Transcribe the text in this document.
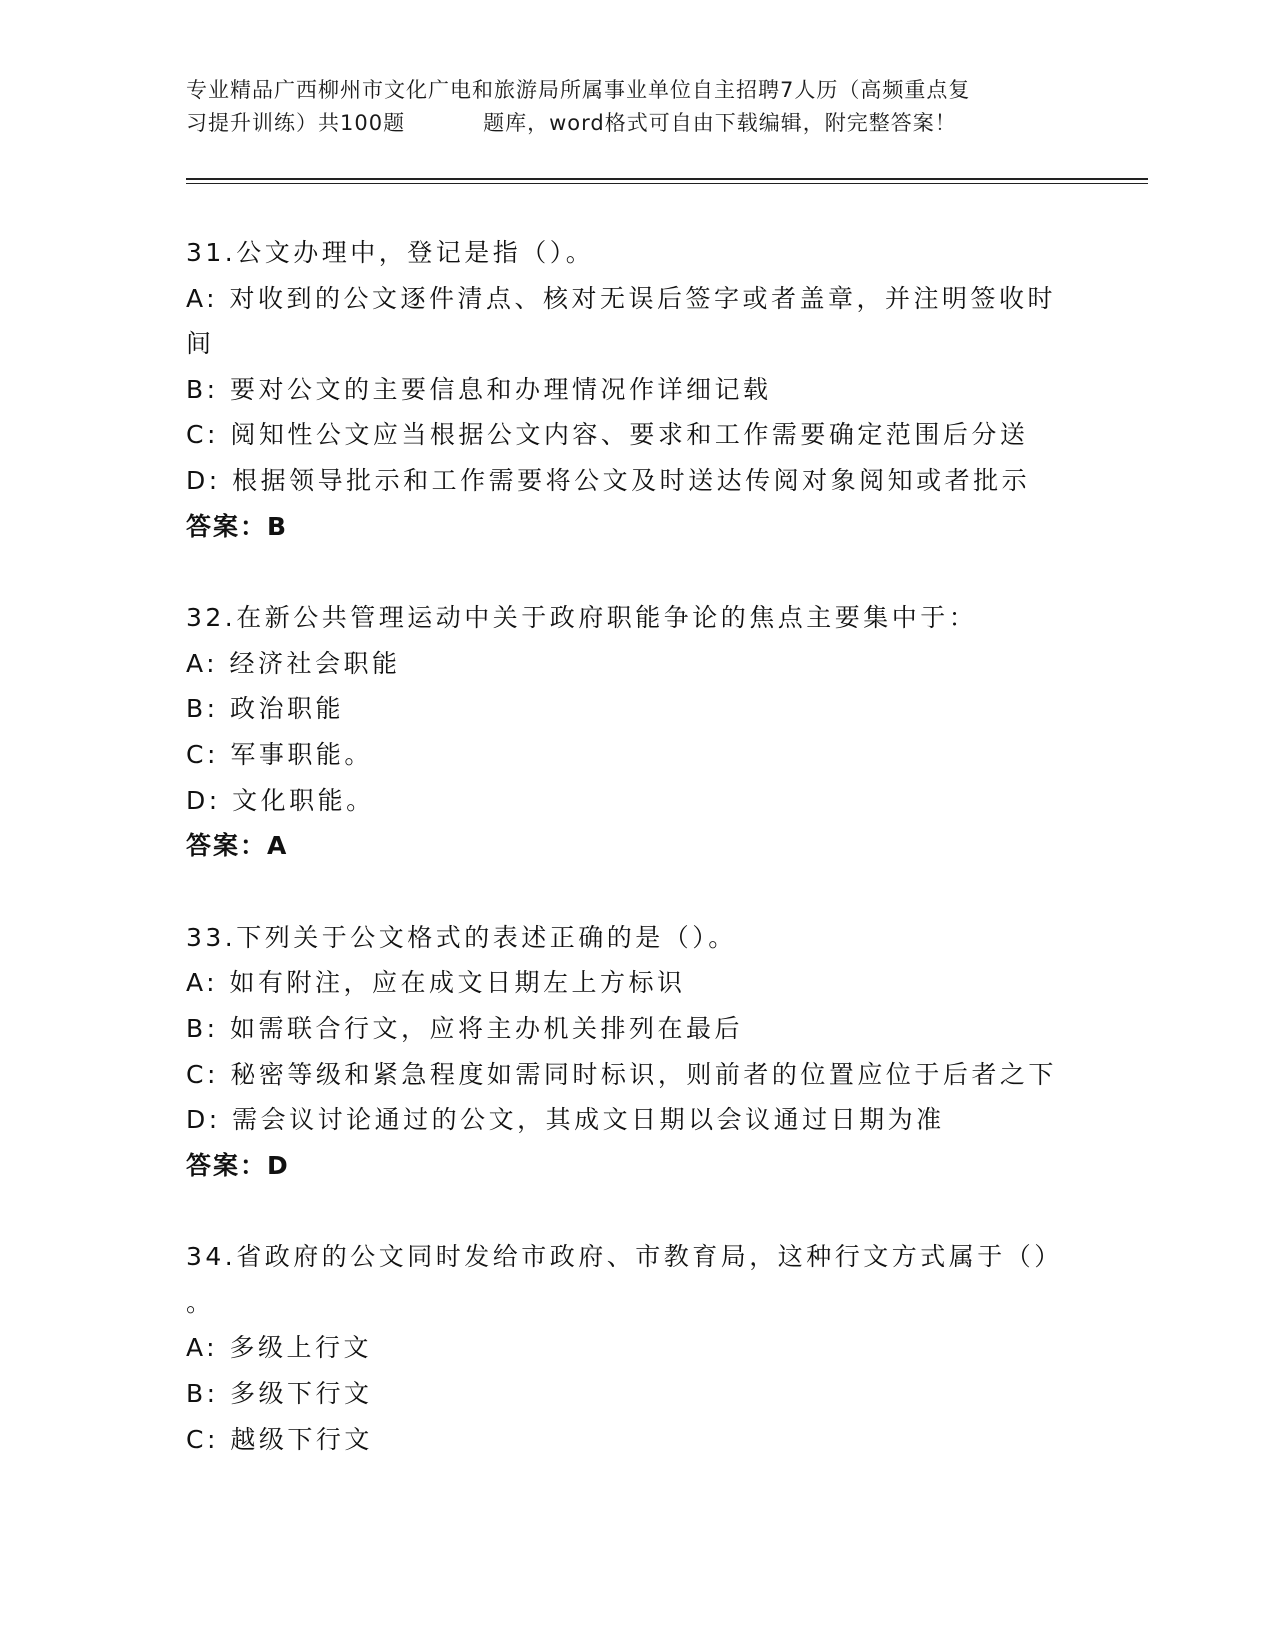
专业精品广西柳州市文化广电和旅游局所属事业单位自主招聘7人历（高频重点复
习提升训练）共100题	题库，word格式可自由下载编辑，附完整答案！
31.公文办理中，登记是指（）。
A: 对收到的公文逐件清点、核对无误后签字或者盖章，并注明签收时
间
B: 要对公文的主要信息和办理情况作详细记载
C: 阅知性公文应当根据公文内容、要求和工作需要确定范围后分送
D: 根据领导批示和工作需要将公文及时送达传阅对象阅知或者批示
答案：B
32.在新公共管理运动中关于政府职能争论的焦点主要集中于：
A: 经济社会职能
B: 政治职能
C: 军事职能。
D: 文化职能。
答案：A
33.下列关于公文格式的表述正确的是（）。
A: 如有附注，应在成文日期左上方标识
B: 如需联合行文，应将主办机关排列在最后
C: 秘密等级和紧急程度如需同时标识，则前者的位置应位于后者之下
D: 需会议讨论通过的公文，其成文日期以会议通过日期为准
答案：D
34.省政府的公文同时发给市政府、市教育局，这种行文方式属于（）
。
A: 多级上行文
B: 多级下行文
C: 越级下行文
